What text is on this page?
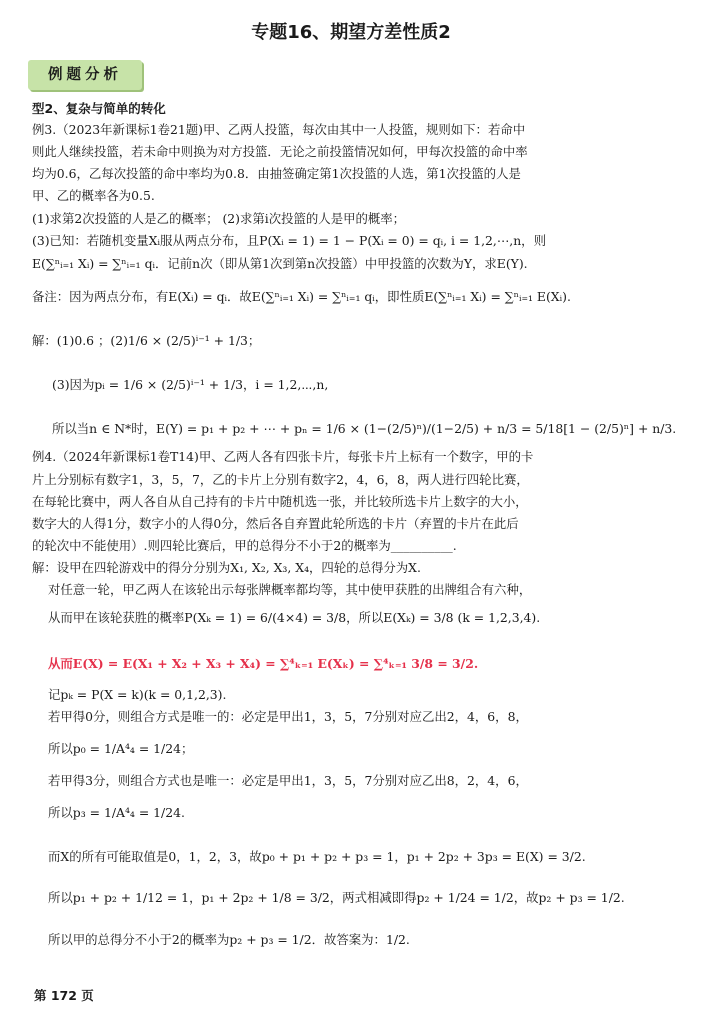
专题16、期望方差性质2
例题分析
型2、复杂与简单的转化
例3.（2023年新课标1卷21题)甲、乙两人投篮，每次由其中一人投篮，规则如下：若命中
则此人继续投篮，若未命中则换为对方投篮．无论之前投篮情况如何，甲每次投篮的命中率
均为0.6，乙每次投篮的命中率均为0.8．由抽签确定第1次投篮的人选，第1次投篮的人是
甲、乙的概率各为0.5.
(1)求第2次投篮的人是乙的概率； (2)求第i次投篮的人是甲的概率；
(3)已知：若随机变量Xᵢ服从两点分布，且P(Xᵢ = 1) = 1 − P(Xᵢ = 0) = qᵢ, i = 1,2,⋯,n，则
E(∑ⁿᵢ₌₁ Xᵢ) = ∑ⁿᵢ₌₁ qᵢ．记前n次（即从第1次到第n次投篮）中甲投篮的次数为Y，求E(Y).
备注：因为两点分布，有E(Xᵢ) = qᵢ．故E(∑ⁿᵢ₌₁ Xᵢ) = ∑ⁿᵢ₌₁ qᵢ，即性质E(∑ⁿᵢ₌₁ Xᵢ) = ∑ⁿᵢ₌₁ E(Xᵢ).
解：(1)0.6 ；(2)1/6 × (2/5)ⁱ⁻¹ + 1/3；
(3)因为pᵢ = 1/6 × (2/5)ⁱ⁻¹ + 1/3，i = 1,2,⋯,n,
所以当n ∈ N*时，E(Y) = p₁ + p₂ + ⋯ + pₙ = 1/6 × (1−(2/5)ⁿ)/(1−2/5) + n/3 = 5/18[1 − (2/5)ⁿ] + n/3.
例4.（2024年新课标1卷T14)甲、乙两人各有四张卡片，每张卡片上标有一个数字，甲的卡
片上分别标有数字1，3，5，7，乙的卡片上分别有数字2，4，6，8，两人进行四轮比赛，
在每轮比赛中，两人各自从自己持有的卡片中随机选一张，并比较所选卡片上数字的大小，
数字大的人得1分，数字小的人得0分，然后各自弃置此轮所选的卡片（弃置的卡片在此后
的轮次中不能使用）.则四轮比赛后，甲的总得分不小于2的概率为__________.
解：设甲在四轮游戏中的得分分别为X₁, X₂, X₃, X₄，四轮的总得分为X.
对任意一轮，甲乙两人在该轮出示每张牌概率都均等，其中使甲获胜的出牌组合有六种，
从而甲在该轮获胜的概率P(Xₖ = 1) = 6/(4×4) = 3/8，所以E(Xₖ) = 3/8 (k = 1,2,3,4).
从而E(X) = E(X₁ + X₂ + X₃ + X₄) = ∑⁴ₖ₌₁ E(Xₖ) = ∑⁴ₖ₌₁ 3/8 = 3/2.
记pₖ = P(X = k)(k = 0,1,2,3).
若甲得0分，则组合方式是唯一的：必定是甲出1，3，5，7分别对应乙出2，4，6，8，
所以p₀ = 1/A⁴₄ = 1/24；
若甲得3分，则组合方式也是唯一：必定是甲出1，3，5，7分别对应乙出8，2，4，6，
所以p₃ = 1/A⁴₄ = 1/24.
而X的所有可能取值是0，1，2，3，故p₀ + p₁ + p₂ + p₃ = 1，p₁ + 2p₂ + 3p₃ = E(X) = 3/2.
所以p₁ + p₂ + 1/12 = 1，p₁ + 2p₂ + 1/8 = 3/2，两式相减即得p₂ + 1/24 = 1/2，故p₂ + p₃ = 1/2.
所以甲的总得分不小于2的概率为p₂ + p₃ = 1/2．故答案为：1/2.
第 172 页
